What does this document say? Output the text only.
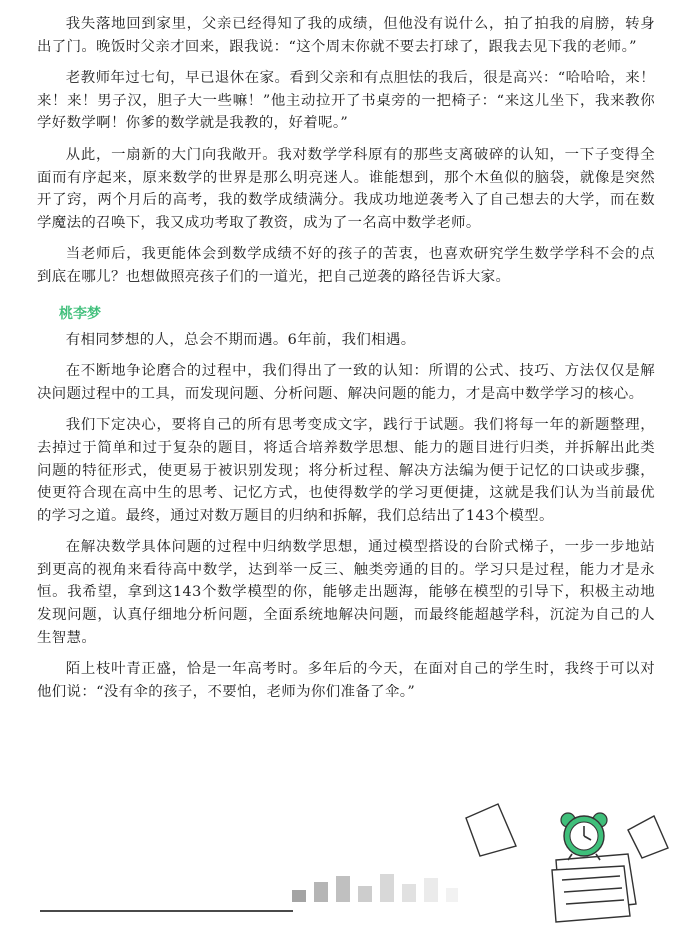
我失落地回到家里，父亲已经得知了我的成绩，但他没有说什么，拍了拍我的肩膀，转身出了门。晚饭时父亲才回来，跟我说：“这个周末你就不要去打球了，跟我去见下我的老师。”

老教师年过七旬，早已退休在家。看到父亲和有点胆怯的我后，很是高兴：“哈哈哈，来！来！来！男子汉，胆子大一些嘛！”他主动拉开了书桌旁的一把椅子：“来这儿坐下，我来教你学好数学啊！你爹的数学就是我教的，好着呢。”

从此，一扇新的大门向我敞开。我对数学学科原有的那些支离破碎的认知，一下子变得全面而有序起来，原来数学的世界是那么明亮迷人。谁能想到，那个木鱼似的脑袋，就像是突然开了窍，两个月后的高考，我的数学成绩满分。我成功地逆袭考入了自己想去的大学，而在数学魔法的召唤下，我又成功考取了教资，成为了一名高中数学老师。

当老师后，我更能体会到数学成绩不好的孩子的苦衷，也喜欢研究学生数学学科不会的点到底在哪儿？也想做照亮孩子们的一道光，把自己逆袭的路径告诉大家。

桃李梦

有相同梦想的人，总会不期而遇。6年前，我们相遇。

在不断地争论磨合的过程中，我们得出了一致的认知：所谓的公式、技巧、方法仅仅是解决问题过程中的工具，而发现问题、分析问题、解决问题的能力，才是高中数学学习的核心。

我们下定决心，要将自己的所有思考变成文字，践行于试题。我们将每一年的新题整理，去掉过于简单和过于复杂的题目，将适合培养数学思想、能力的题目进行归类，并拆解出此类问题的特征形式，使更易于被识别发现；将分析过程、解决方法编为便于记忆的口诀或步骤，使更符合现在高中生的思考、记忆方式，也使得数学的学习更便捷，这就是我们认为当前最优的学习之道。最终，通过对数万题目的归纳和拆解，我们总结出了143个模型。

在解决数学具体问题的过程中归纳数学思想，通过模型搭设的台阶式梯子，一步一步地站到更高的视角来看待高中数学，达到举一反三、触类旁通的目的。学习只是过程，能力才是永恒。我希望，拿到这143个数学模型的你，能够走出题海，能够在模型的引导下，积极主动地发现问题，认真仔细地分析问题，全面系统地解决问题，而最终能超越学科，沉淀为自己的人生智慧。

陌上枝叶青正盛，恰是一年高考时。多年后的今天，在面对自己的学生时，我终于可以对他们说：“没有伞的孩子，不要怕，老师为你们准备了伞。”
